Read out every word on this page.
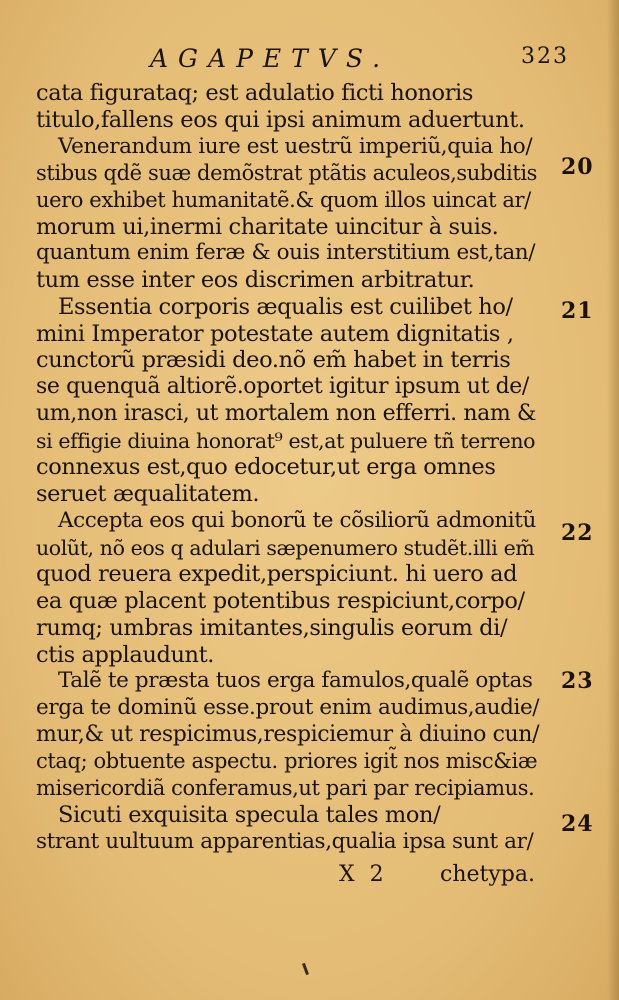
AGAPETVS.	323
cata figurataq; est adulatio ficti honoris
titulo,fallens eos qui ipsi animum aduertunt.
Venerandum iure est uestrũ imperiũ,quia ho/
stibus qdẽ suæ demõstrat ptãtis aculeos,subditis
uero exhibet humanitatẽ.& quom illos uincat ar/
morum ui,inermi charitate uincitur à suis.
quantum enim feræ & ouis interstitium est,tan/
tum esse inter eos discrimen arbitratur.
Essentia corporis æqualis est cuilibet ho/
mini Imperator potestate autem dignitatis ,
cunctorũ præsidi deo.nõ em̃ habet in terris
se quenquã altiorẽ.oportet igitur ipsum ut de/
um,non irasci, ut mortalem non efferri. nam &
si effigie diuina honorat⁹ est,at puluere tñ terreno
connexus est,quo edocetur,ut erga omnes
seruet æqualitatem.
Accepta eos qui bonorũ te cõsiliorũ admonitũ
uolũt, nõ eos q adulari sæpenumero studẽt.illi em̃
quod reuera expedit,perspiciunt. hi uero ad
ea quæ placent potentibus respiciunt,corpo/
rumq; umbras imitantes,singulis eorum di/
ctis applaudunt.
Talẽ te præsta tuos erga famulos,qualẽ optas
erga te dominũ esse.prout enim audimus,audie/
mur,& ut respicimus,respiciemur à diuino cun/
ctaq; obtuente aspectu. priores igit̃ nos misc&iæ
misericordiã conferamus,ut pari par recipiamus.
Sicuti exquisita specula tales mon/
strant uultuum apparentias,qualia ipsa sunt ar/
20
21
22
23
24
X 2 chetypa.
